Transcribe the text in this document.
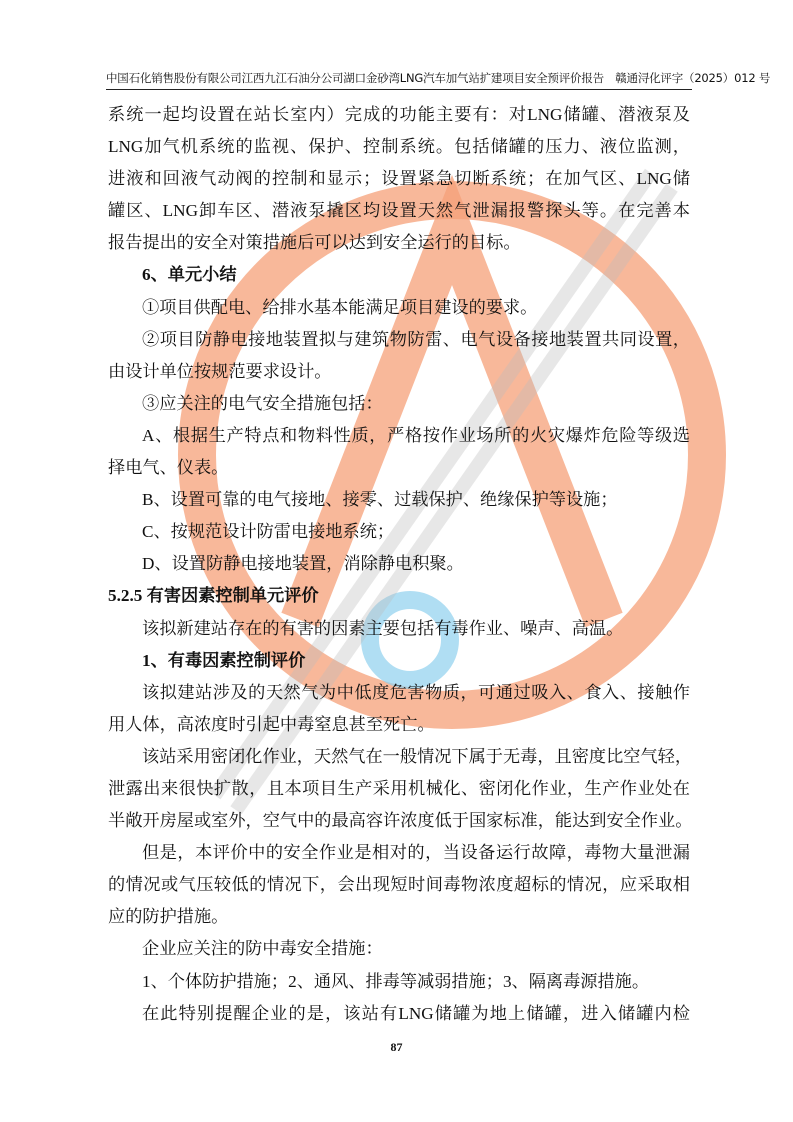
中国石化销售股份有限公司江西九江石油分公司湖口金砂湾LNG汽车加气站扩建项目安全预评价报告　赣通浔化评字（2025）012 号
系统一起均设置在站长室内）完成的功能主要有：对LNG储罐、潜液泵及
LNG加气机系统的监视、保护、控制系统。包括储罐的压力、液位监测，
进液和回液气动阀的控制和显示；设置紧急切断系统；在加气区、LNG储
罐区、LNG卸车区、潜液泵撬区均设置天然气泄漏报警探头等。在完善本
报告提出的安全对策措施后可以达到安全运行的目标。
6、单元小结
①项目供配电、给排水基本能满足项目建设的要求。
②项目防静电接地装置拟与建筑物防雷、电气设备接地装置共同设置，
由设计单位按规范要求设计。
③应关注的电气安全措施包括：
A、根据生产特点和物料性质，严格按作业场所的火灾爆炸危险等级选
择电气、仪表。
B、设置可靠的电气接地、接零、过载保护、绝缘保护等设施；
C、按规范设计防雷电接地系统；
D、设置防静电接地装置，消除静电积聚。
5.2.5 有害因素控制单元评价
该拟新建站存在的有害的因素主要包括有毒作业、噪声、高温。
1、有毒因素控制评价
该拟建站涉及的天然气为中低度危害物质，可通过吸入、食入、接触作
用人体，高浓度时引起中毒窒息甚至死亡。
该站采用密闭化作业，天然气在一般情况下属于无毒，且密度比空气轻，
泄露出来很快扩散，且本项目生产采用机械化、密闭化作业，生产作业处在
半敞开房屋或室外，空气中的最高容许浓度低于国家标准，能达到安全作业。
但是，本评价中的安全作业是相对的，当设备运行故障，毒物大量泄漏
的情况或气压较低的情况下，会出现短时间毒物浓度超标的情况，应采取相
应的防护措施。
企业应关注的防中毒安全措施：
1、个体防护措施；2、通风、排毒等减弱措施；3、隔离毒源措施。
在此特别提醒企业的是，该站有LNG储罐为地上储罐，进入储罐内检
87
